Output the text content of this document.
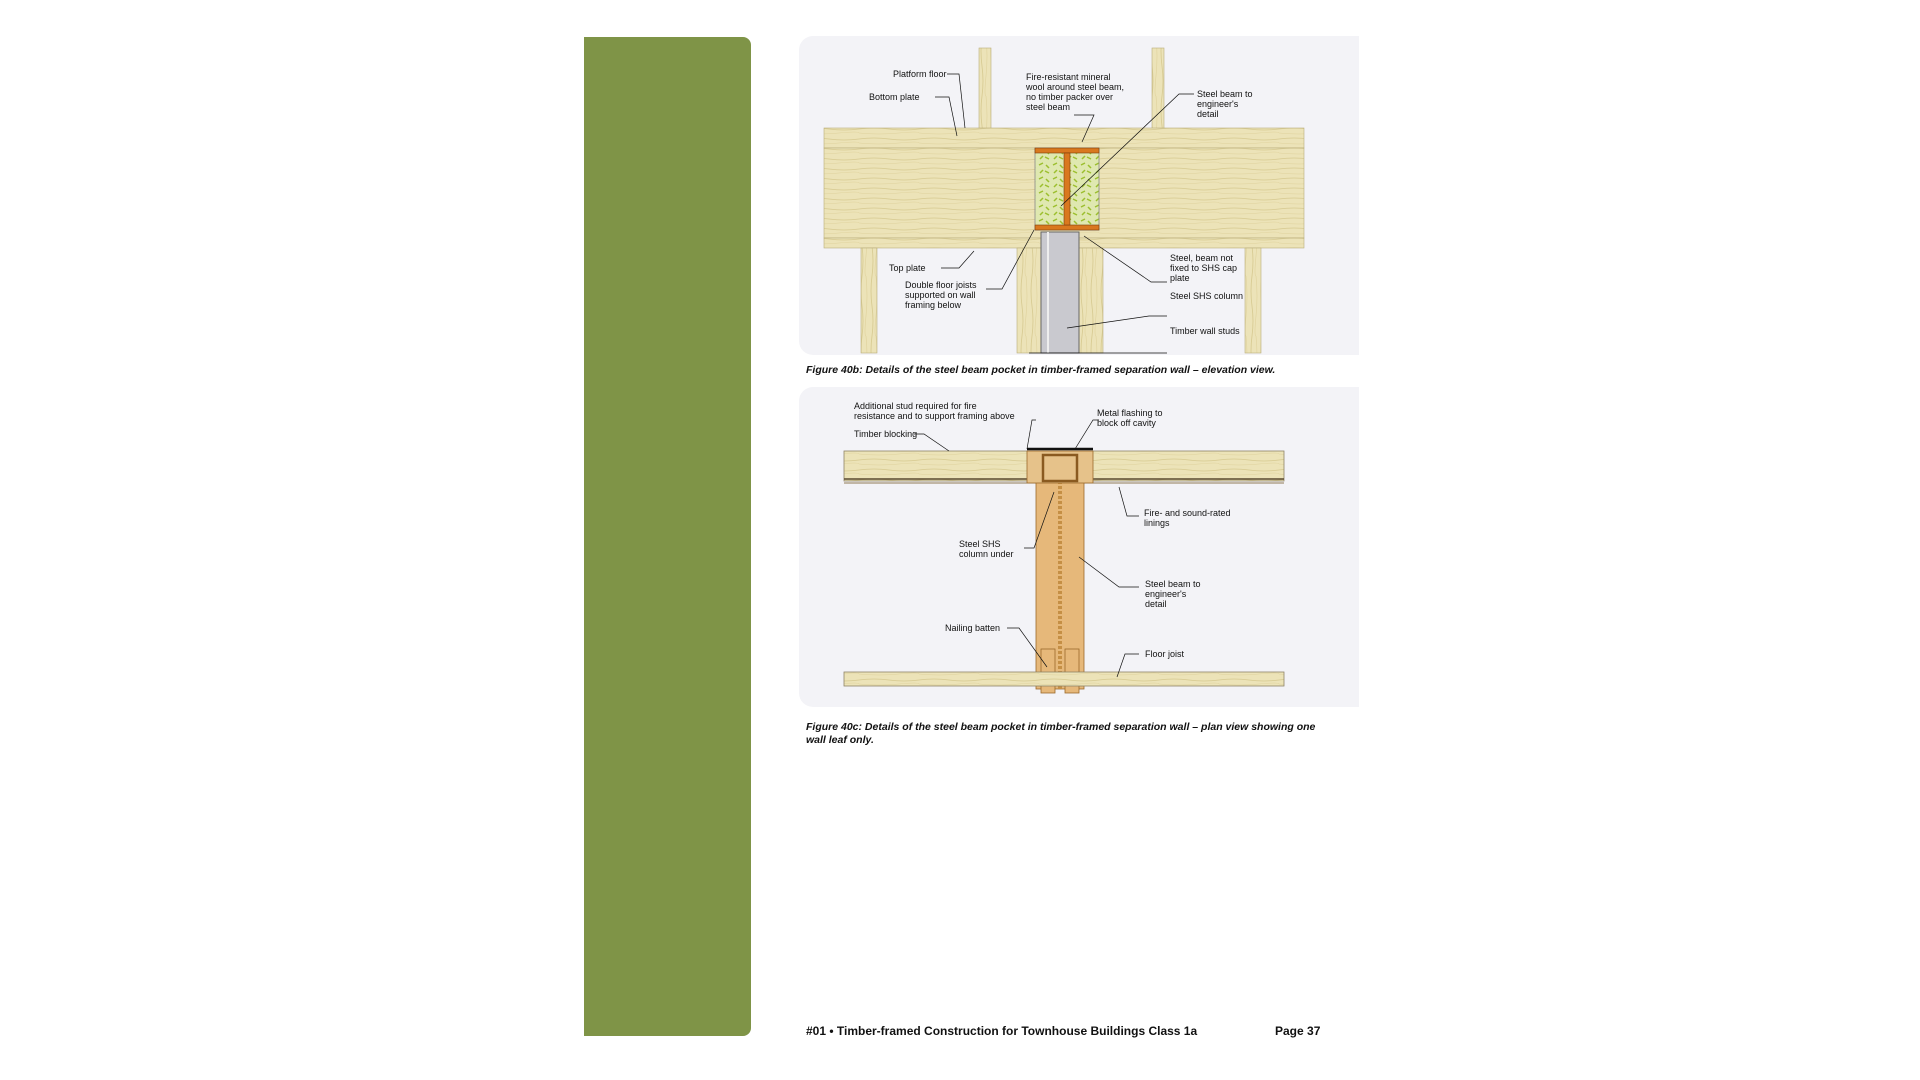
Platform floor
Bottom plate
Fire-resistant mineral
wool around steel beam,
no timber packer over
steel beam
Steel beam to
engineer's
detail
Top plate
Double floor joists
supported on wall
framing below
Steel, beam not
fixed to SHS cap
plate
Steel SHS column
Timber wall studs
Figure 40b: Details of the steel beam pocket in timber-framed separation wall – elevation view.
Additional stud required for fire
resistance and to support framing above
Timber blocking
Metal flashing to
block off cavity
Fire- and sound-rated
linings
Steel SHS
column under
Steel beam to
engineer's
detail
Nailing batten
Floor joist
Figure 40c: Details of the steel beam pocket in timber-framed separation wall – plan view showing one
wall leaf only.
#01 • Timber-framed Construction for Townhouse Buildings Class 1a	Page 37
